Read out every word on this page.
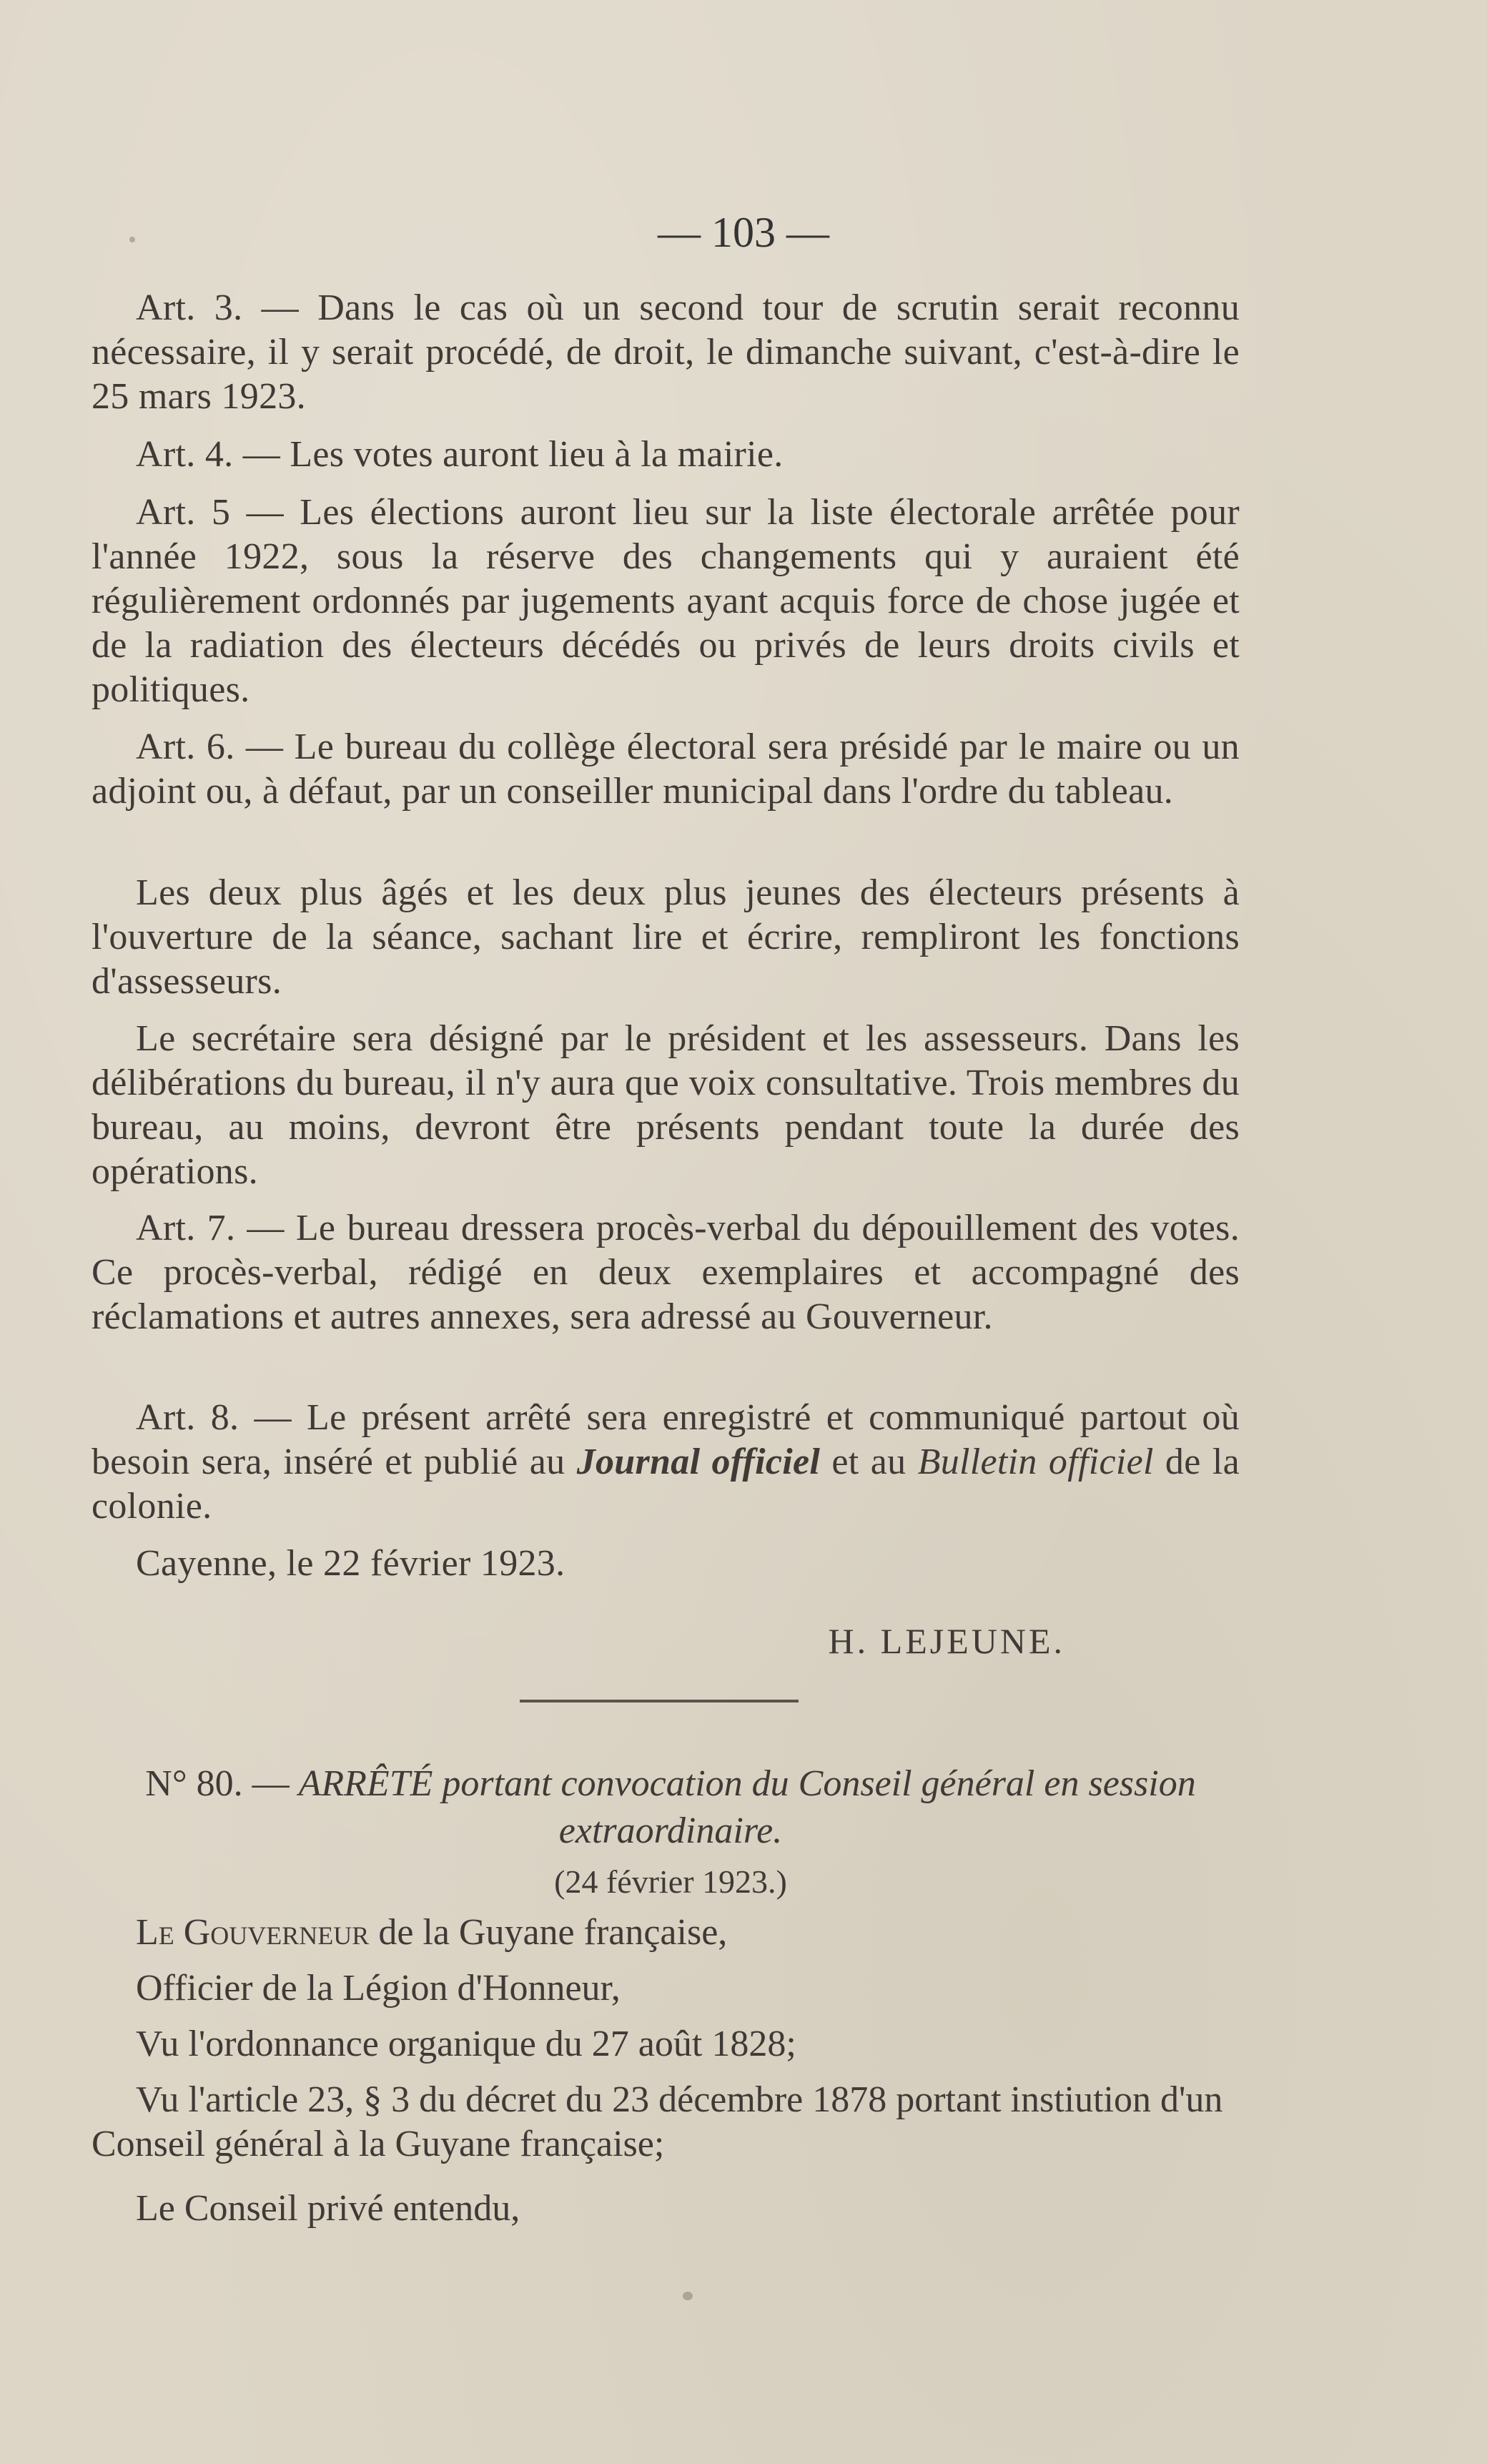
— 103 —

Art. 3. — Dans le cas où un second tour de scrutin serait reconnu nécessaire, il y serait procédé, de droit, le dimanche suivant, c'est-à-dire le 25 mars 1923.

Art. 4. — Les votes auront lieu à la mairie.

Art. 5 — Les élections auront lieu sur la liste électorale arrêtée pour l'année 1922, sous la réserve des changements qui y auraient été régulièrement ordonnés par jugements ayant acquis force de chose jugée et de la radiation des électeurs décédés ou privés de leurs droits civils et politiques.

Art. 6. — Le bureau du collège électoral sera présidé par le maire ou un adjoint ou, à défaut, par un conseiller municipal dans l'ordre du tableau.

Les deux plus âgés et les deux plus jeunes des électeurs présents à l'ouverture de la séance, sachant lire et écrire, rempliront les fonctions d'assesseurs.

Le secrétaire sera désigné par le président et les assesseurs. Dans les délibérations du bureau, il n'y aura que voix consultative. Trois membres du bureau, au moins, devront être présents pendant toute la durée des opérations.

Art. 7. — Le bureau dressera procès-verbal du dépouillement des votes. Ce procès-verbal, rédigé en deux exemplaires et accompagné des réclamations et autres annexes, sera adressé au Gouverneur.

Art. 8. — Le présent arrêté sera enregistré et communiqué partout où besoin sera, inséré et publié au Journal officiel et au Bulletin officiel de la colonie.

Cayenne, le 22 février 1923.

H. LEJEUNE.
N° 80. — ARRÊTÉ portant convocation du Conseil général en session extraordinaire.
(24 février 1923.)

Le Gouverneur de la Guyane française,

Officier de la Légion d'Honneur,

Vu l'ordonnance organique du 27 août 1828;

Vu l'article 23, § 3 du décret du 23 décembre 1878 portant instiution d'un Conseil général à la Guyane française;

Le Conseil privé entendu,
